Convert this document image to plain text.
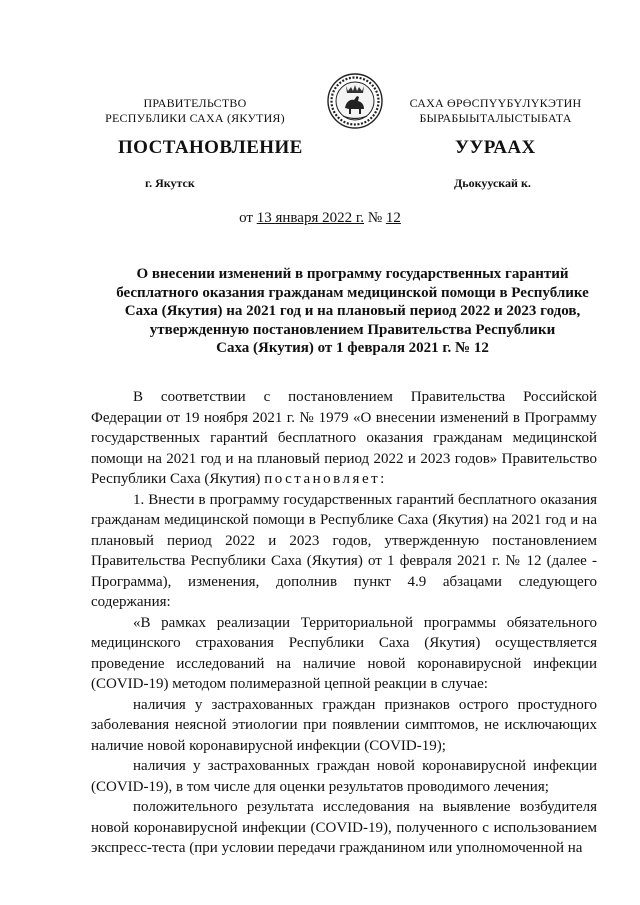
ПРАВИТЕЛЬСТВО
РЕСПУБЛИКИ САХА (ЯКУТИЯ)
САХА ӨРӨСПҮҮБҮЛҮКЭТИН
БЫРАБЫЫТАЛЫСТЫБАТА
ПОСТАНОВЛЕНИЕ	УУРААХ
г. Якутск	Дьокуускай к.
от 13 января 2022 г. № 12
О внесении изменений в программу государственных гарантий
бесплатного оказания гражданам медицинской помощи в Республике
Саха (Якутия) на 2021 год и на плановый период 2022 и 2023 годов,
утвержденную постановлением Правительства Республики
Саха (Якутия) от 1 февраля 2021 г. № 12

В соответствии с постановлением Правительства Российской Федерации от 19 ноября 2021 г. № 1979 «О внесении изменений в Программу государственных гарантий бесплатного оказания гражданам медицинской помощи на 2021 год и на плановый период 2022 и 2023 годов» Правительство Республики Саха (Якутия) постановляет:

1. Внести в программу государственных гарантий бесплатного оказания гражданам медицинской помощи в Республике Саха (Якутия) на 2021 год и на плановый период 2022 и 2023 годов, утвержденную постановлением Правительства Республики Саха (Якутия) от 1 февраля 2021 г. № 12 (далее - Программа), изменения, дополнив пункт 4.9 абзацами следующего содержания:

«В рамках реализации Территориальной программы обязательного медицинского страхования Республики Саха (Якутия) осуществляется проведение исследований на наличие новой коронавирусной инфекции (COVID-19) методом полимеразной цепной реакции в случае:

наличия у застрахованных граждан признаков острого простудного заболевания неясной этиологии при появлении симптомов, не исключающих наличие новой коронавирусной инфекции (COVID-19);

наличия у застрахованных граждан новой коронавирусной инфекции (COVID-19), в том числе для оценки результатов проводимого лечения;

положительного результата исследования на выявление возбудителя новой коронавирусной инфекции (COVID-19), полученного с использованием экспресс-теста (при условии передачи гражданином или уполномоченной на
